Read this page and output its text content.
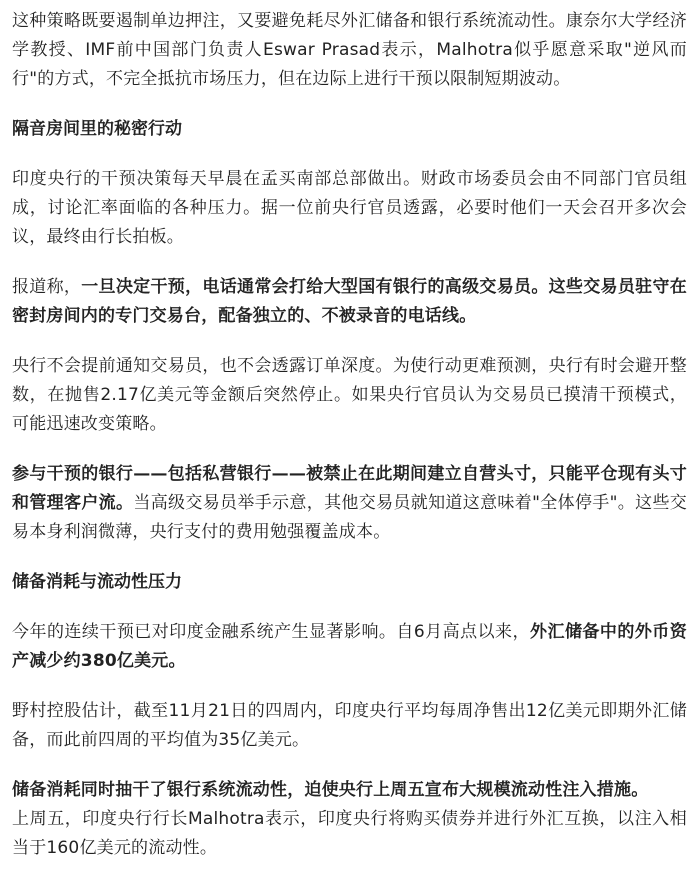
这种策略既要遏制单边押注，又要避免耗尽外汇储备和银行系统流动性。康奈尔大学经济学教授、IMF前中国部门负责人Eswar Prasad表示，Malhotra似乎愿意采取"逆风而行"的方式，不完全抵抗市场压力，但在边际上进行干预以限制短期波动。

隔音房间里的秘密行动

印度央行的干预决策每天早晨在孟买南部总部做出。财政市场委员会由不同部门官员组成，讨论汇率面临的各种压力。据一位前央行官员透露，必要时他们一天会召开多次会议，最终由行长拍板。

报道称，一旦决定干预，电话通常会打给大型国有银行的高级交易员。这些交易员驻守在密封房间内的专门交易台，配备独立的、不被录音的电话线。

央行不会提前通知交易员，也不会透露订单深度。为使行动更难预测，央行有时会避开整数，在抛售2.17亿美元等金额后突然停止。如果央行官员认为交易员已摸清干预模式，可能迅速改变策略。

参与干预的银行——包括私营银行——被禁止在此期间建立自营头寸，只能平仓现有头寸和管理客户流。当高级交易员举手示意，其他交易员就知道这意味着"全体停手"。这些交易本身利润微薄，央行支付的费用勉强覆盖成本。

储备消耗与流动性压力

今年的连续干预已对印度金融系统产生显著影响。自6月高点以来，外汇储备中的外币资产减少约380亿美元。

野村控股估计，截至11月21日的四周内，印度央行平均每周净售出12亿美元即期外汇储备，而此前四周的平均值为35亿美元。

储备消耗同时抽干了银行系统流动性，迫使央行上周五宣布大规模流动性注入措施。

上周五，印度央行行长Malhotra表示，印度央行将购买债券并进行外汇互换，以注入相当于160亿美元的流动性。
